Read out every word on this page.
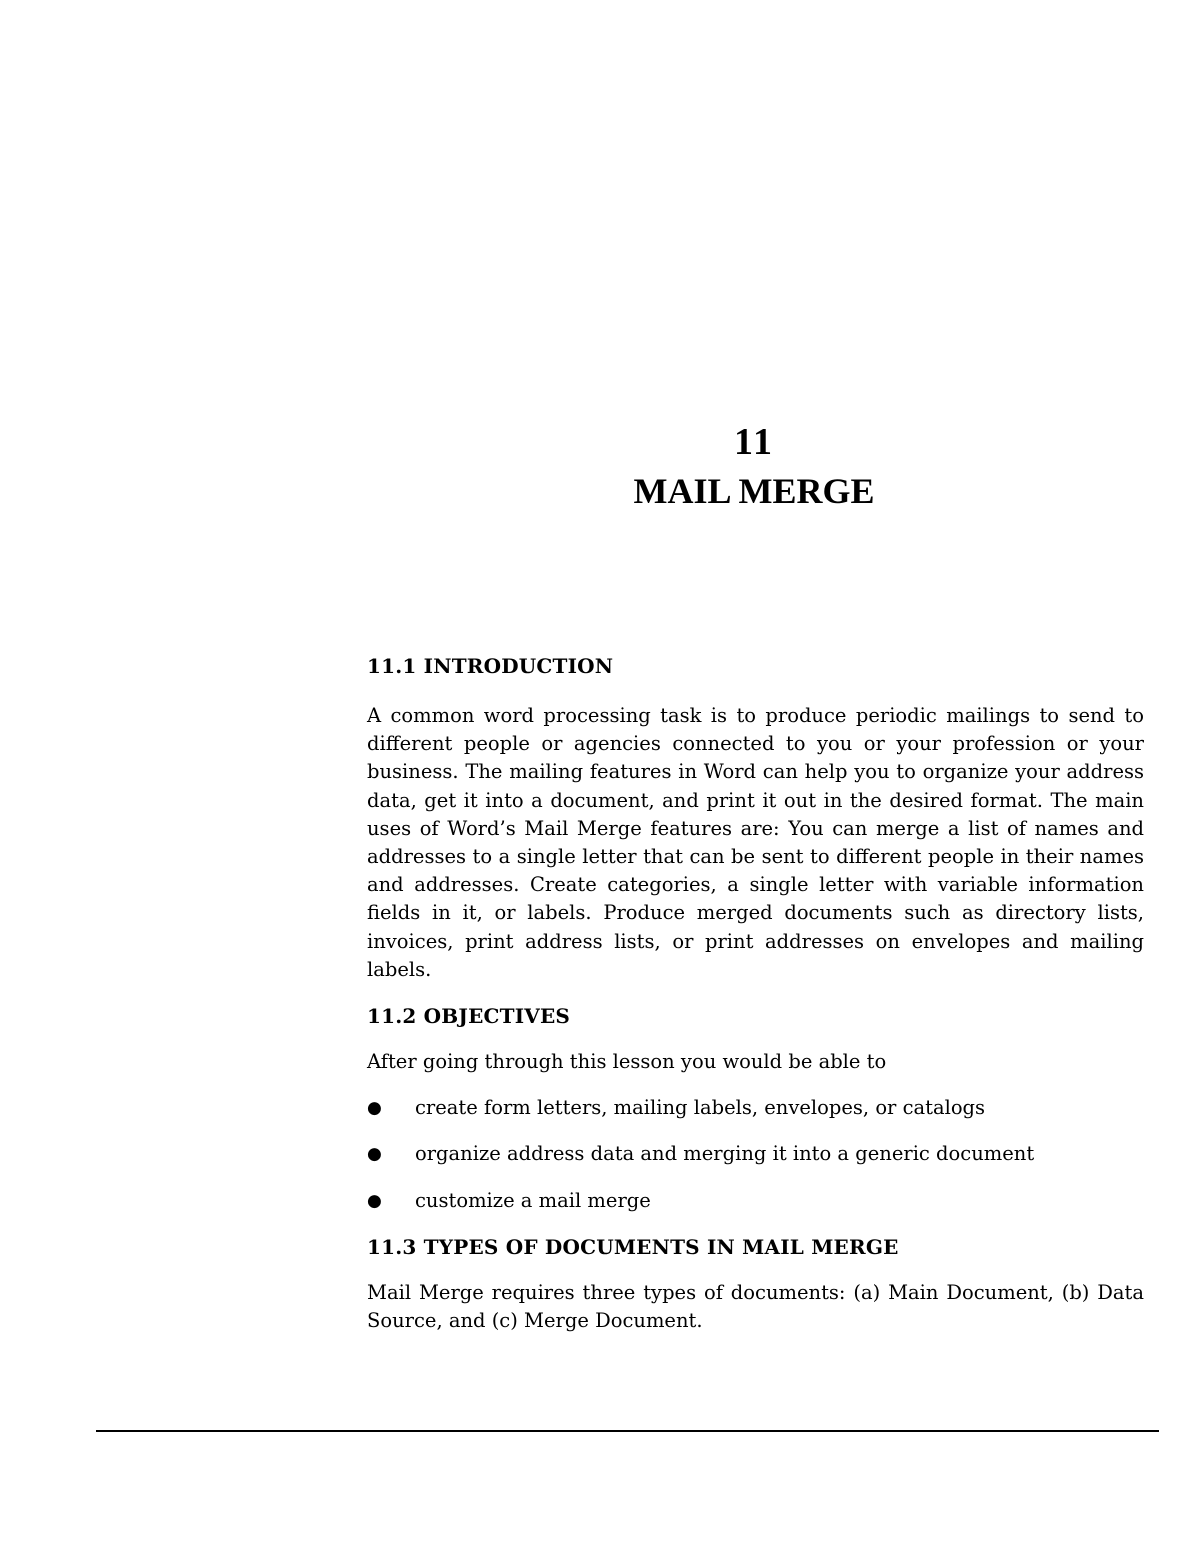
11
MAIL MERGE
11.1 INTRODUCTION

A common word processing task is to produce periodic mailings to send to different people or agencies connected to you or your profession or your business. The mailing features in Word can help you to organize your address data, get it into a document, and print it out in the desired format. The main uses of Word’s Mail Merge features are: You can merge a list of names and addresses to a single letter that can be sent to different people in their names and addresses. Create categories, a single letter with variable information fields in it, or labels. Produce merged documents such as directory lists, invoices, print address lists, or print addresses on envelopes and mailing labels.

11.2 OBJECTIVES

After going through this lesson you would be able to

●	create form letters, mailing labels, envelopes, or catalogs
●	organize address data and merging it into a generic document
●	customize a mail merge
11.3 TYPES OF DOCUMENTS IN MAIL MERGE

Mail Merge requires three types of documents: (a) Main Document, (b) Data Source, and (c) Merge Document.
